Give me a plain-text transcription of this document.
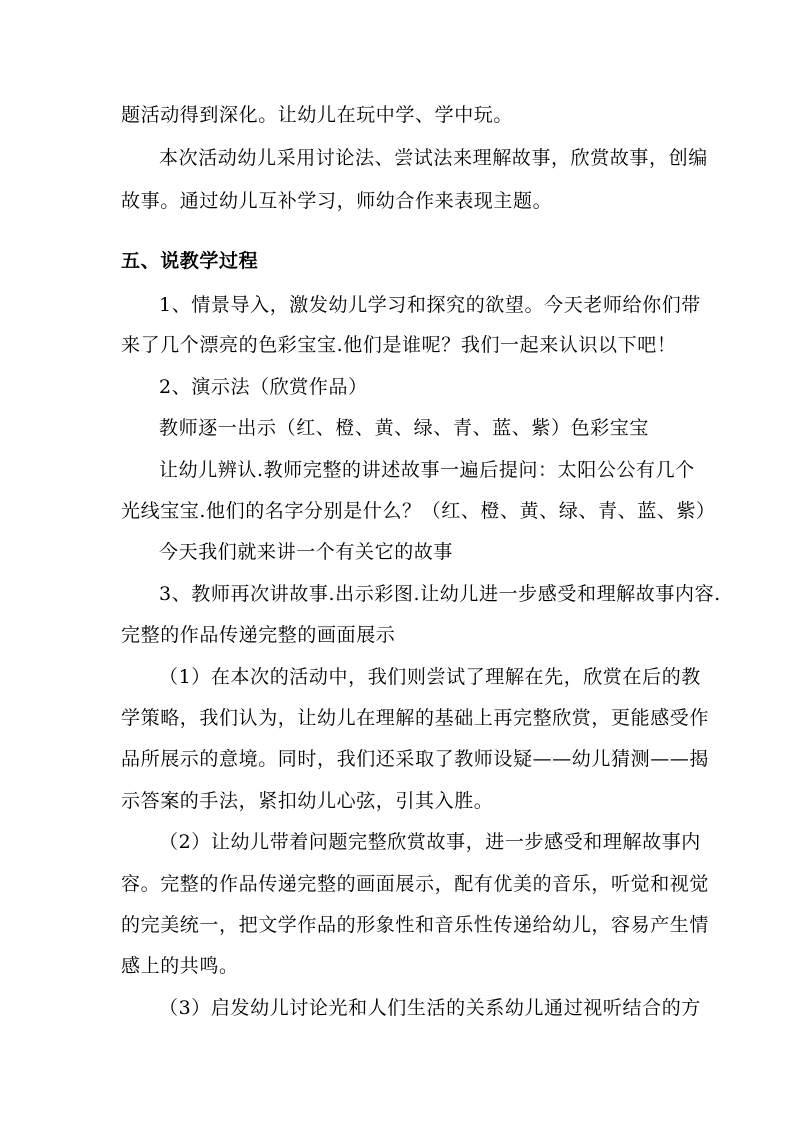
题活动得到深化。让幼儿在玩中学、学中玩。
本次活动幼儿采用讨论法、尝试法来理解故事，欣赏故事，创编
故事。通过幼儿互补学习，师幼合作来表现主题。
五、说教学过程
1、情景导入，激发幼儿学习和探究的欲望。今天老师给你们带
来了几个漂亮的色彩宝宝.他们是谁呢？我们一起来认识以下吧！
2、演示法（欣赏作品）
教师逐一出示（红、橙、黄、绿、青、蓝、紫）色彩宝宝
让幼儿辨认.教师完整的讲述故事一遍后提问：太阳公公有几个
光线宝宝.他们的名字分别是什么？（红、橙、黄、绿、青、蓝、紫）
今天我们就来讲一个有关它的故事
3、教师再次讲故事.出示彩图.让幼儿进一步感受和理解故事内容.
完整的作品传递完整的画面展示
（1）在本次的活动中，我们则尝试了理解在先，欣赏在后的教
学策略，我们认为，让幼儿在理解的基础上再完整欣赏，更能感受作
品所展示的意境。同时，我们还采取了教师设疑——幼儿猜测——揭
示答案的手法，紧扣幼儿心弦，引其入胜。
（2）让幼儿带着问题完整欣赏故事，进一步感受和理解故事内
容。完整的作品传递完整的画面展示，配有优美的音乐，听觉和视觉
的完美统一，把文学作品的形象性和音乐性传递给幼儿，容易产生情
感上的共鸣。
（3）启发幼儿讨论光和人们生活的关系幼儿通过视听结合的方
